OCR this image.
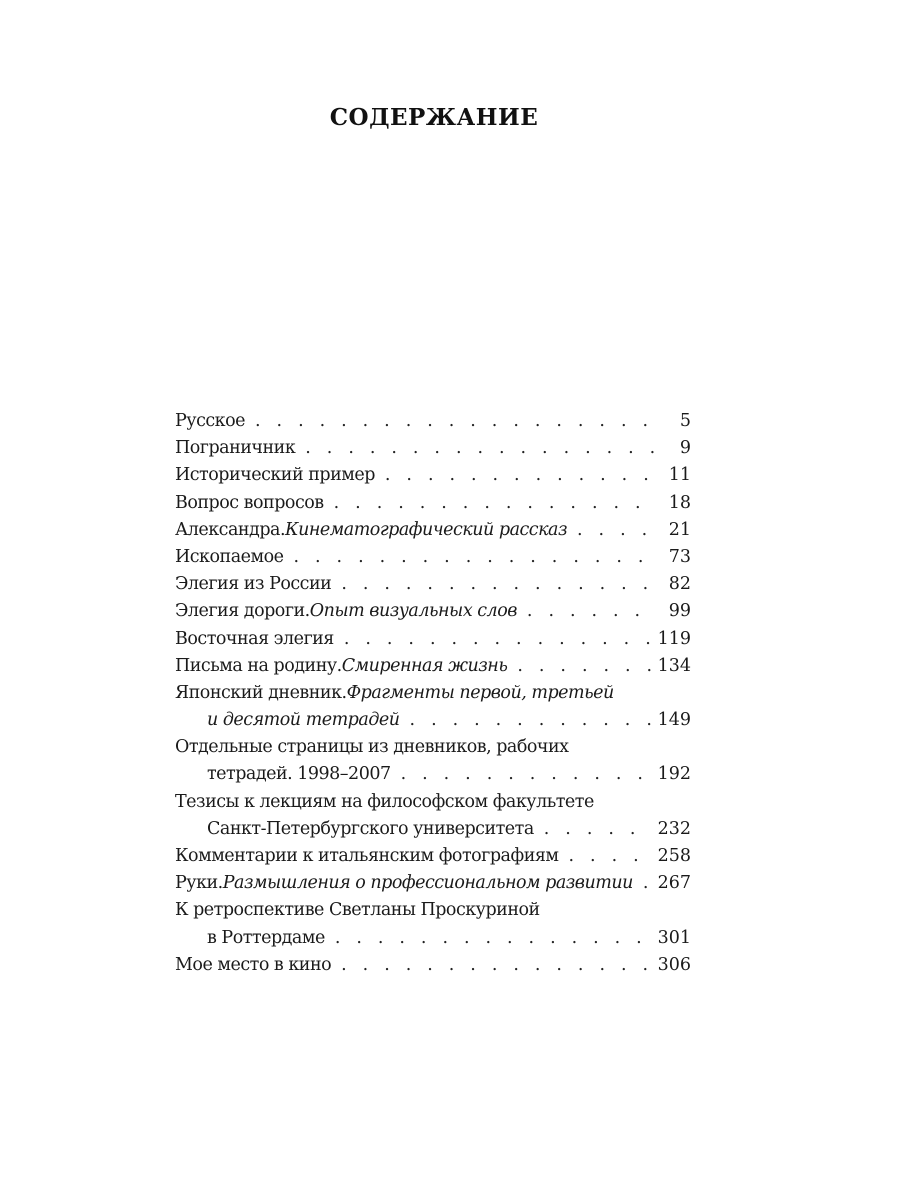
СОДЕРЖАНИЕ
Русское . . .	5
Пограничник . . .	9
Исторический пример . . .	11
Вопрос вопросов . . .	18
Александра. Кинематографический рассказ . . .	21
Ископаемое . . .	73
Элегия из России . . .	82
Элегия дороги. Опыт визуальных слов . . .	99
Восточная элегия . . .	119
Письма на родину. Смиренная жизнь . . .	134
Японский дневник. Фрагменты первой, третьей
и десятой тетрадей . . .	149
Отдельные страницы из дневников, рабочих
тетрадей. 1998–2007 . . .	192
Тезисы к лекциям на философском факультете
Санкт-Петербургского университета . . .	232
Комментарии к итальянским фотографиям . . .	258
Руки. Размышления о профессиональном развитии . . . 267
К ретроспективе Светланы Проскуриной
в Роттердаме . . .	301
Мое место в кино . . .	306
